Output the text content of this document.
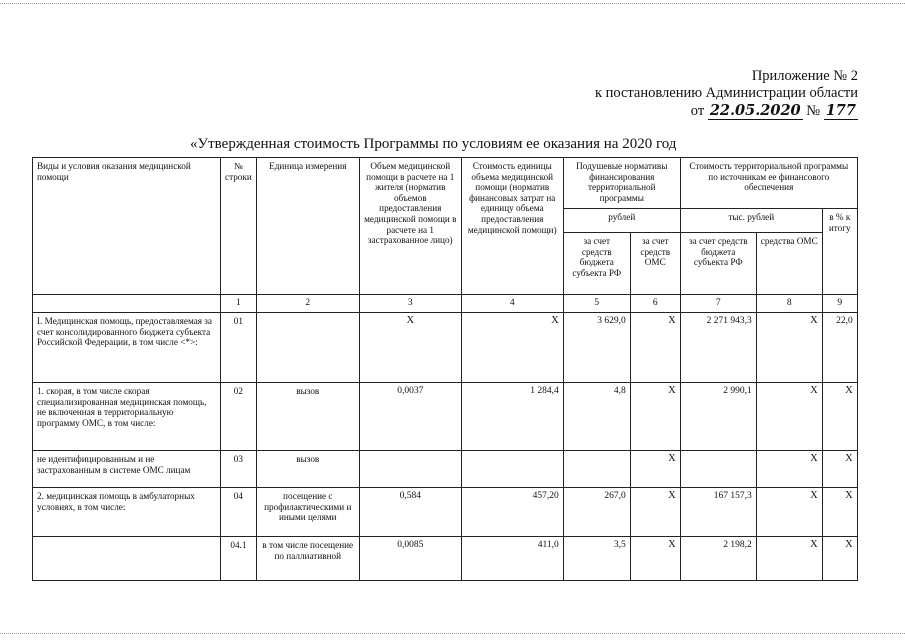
Приложение № 2
к постановлению Администрации области
от 22.05.2020 № 177
«Утвержденная стоимость Программы по условиям ее оказания на 2020 год
Виды и условия оказания медицинской помощи	№ строки	Единица измерения	Объем медицинской помощи в расчете на 1 жителя (норматив объемов предоставления медицинской помощи в расчете на 1 застрахованное лицо)	Стоимость единицы объема медицинской помощи (норматив финансовых затрат на единицу объема предоставления медицинской помощи)	Подушевые нормативы финансирования территориальной программы		Стоимость территориальной программы по источникам ее финансового обеспечения		
					рублей		тыс. рублей		в % к итогу
					за счет средств бюджета субъекта РФ	за счет средств ОМС	за счет средств бюджета субъекта РФ	средства ОМС	
	1	2	3	4	5	6	7	8	9
I. Медицинская помощь, предоставляемая за счет консолидированного бюджета субъекта Российской Федерации, в том числе <*>:	01		X	X	3 629,0	X	2 271 943,3	X	22,0
1. скорая, в том числе скорая специализированная медицинская помощь, не включенная в территориальную программу ОМС, в том числе:	02	вызов	0,0037	1 284,4	4,8	X	2 990,1	X	X
не идентифицированным и не застрахованным в системе ОМС лицам	03	вызов				X		X	X
2. медицинская помощь в амбулаторных условиях, в том числе:	04	посещение с профилактическими и иными целями	0,584	457,20	267,0	X	167 157,3	X	X
	04.1	в том числе посещение по паллиативной	0,0085	411,0	3,5	X	2 198,2	X	X
